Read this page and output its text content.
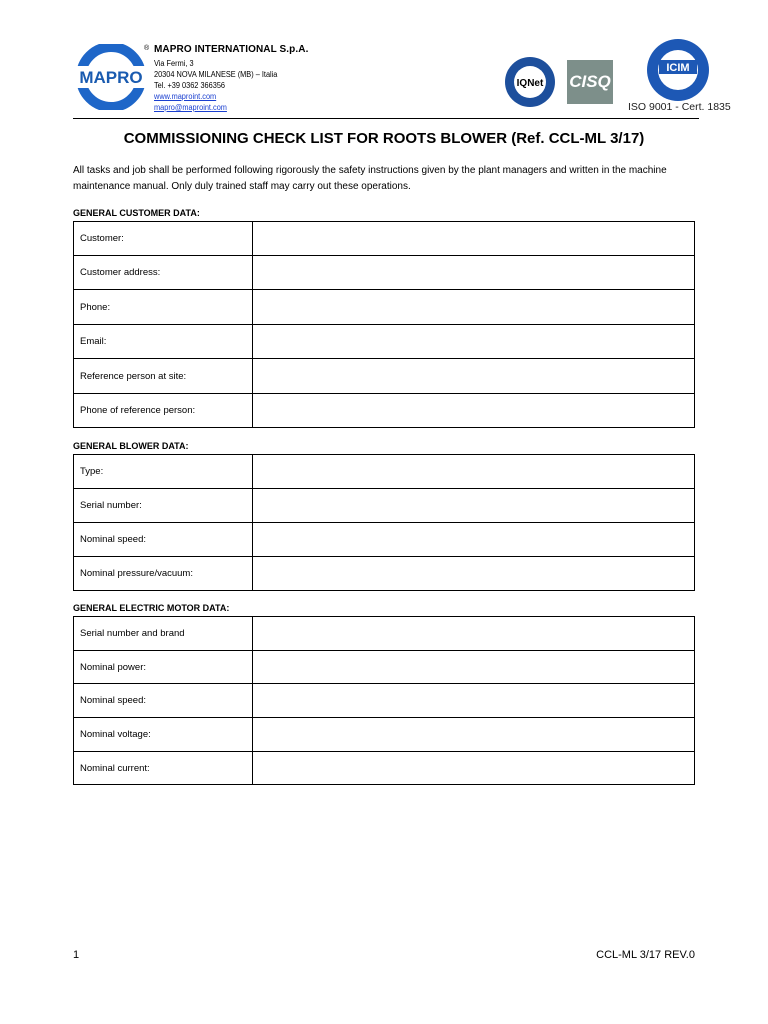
MAPRO
® MAPRO INTERNATIONAL S.p.A.
Via Fermi, 3
20304 NOVA MILANESE (MB) – Italia
Tel. +39 0362 366356
www.maproint.com
mapro@maproint.com
IQNet CISQ
ICIM
ISO 9001 - Cert. 1835
COMMISSIONING CHECK LIST FOR ROOTS BLOWER (Ref. CCL-ML 3/17)
All tasks and job shall be performed following rigorously the safety instructions given by the plant managers and written in the machine maintenance manual. Only duly trained staff may carry out these operations.
GENERAL CUSTOMER DATA:
Customer:	
Customer address:	
Phone:	
Email:	
Reference person at site:	
Phone of reference person:	
GENERAL BLOWER DATA:
Type:	
Serial number:	
Nominal speed:	
Nominal pressure/vacuum:	
GENERAL ELECTRIC MOTOR DATA:
Serial number and brand	
Nominal power:	
Nominal speed:	
Nominal voltage:	
Nominal current:	
1	CCL-ML 3/17 REV.0
